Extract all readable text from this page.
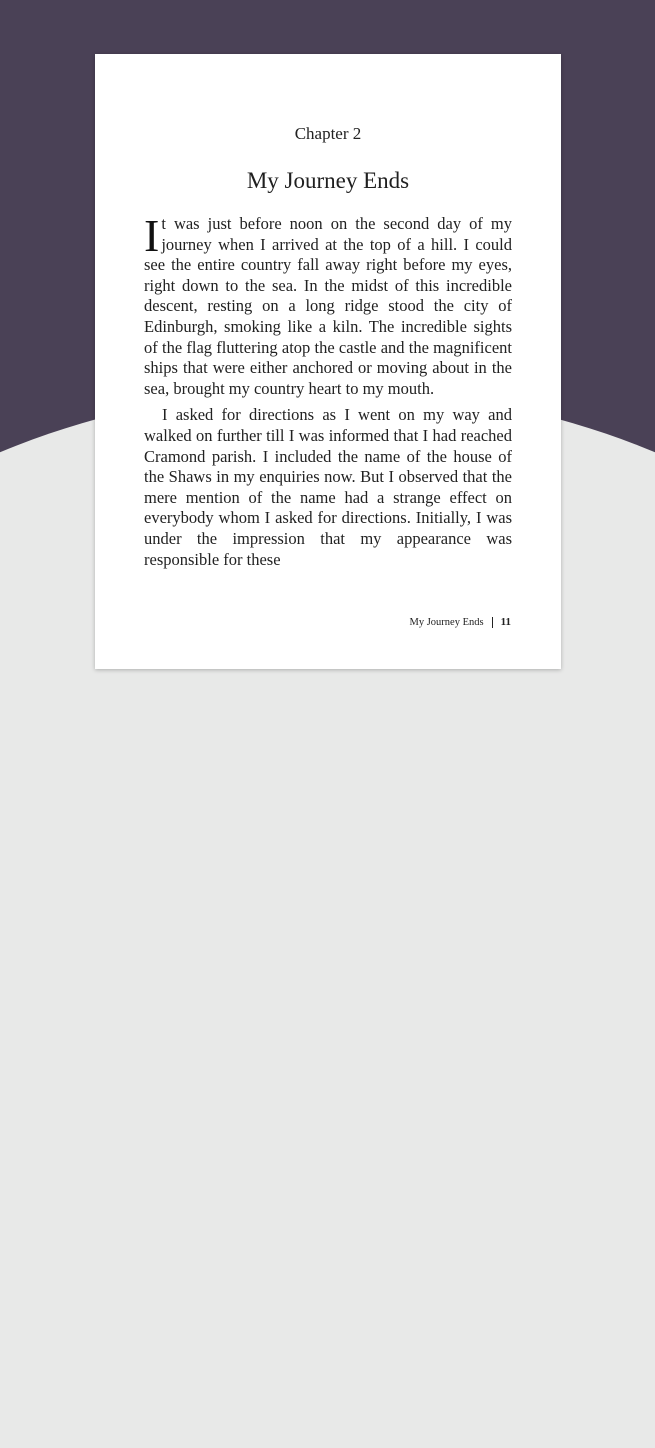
Chapter 2
My Journey Ends

It was just before noon on the second day of my journey when I arrived at the top of a hill. I could see the entire country fall away right before my eyes, right down to the sea. In the midst of this incredible descent, resting on a long ridge stood the city of Edinburgh, smoking like a kiln. The incredible sights of the flag fluttering atop the castle and the magnificent ships that were either anchored or moving about in the sea, brought my country heart to my mouth.

I asked for directions as I went on my way and walked on further till I was informed that I had reached Cramond parish. I included the name of the house of the Shaws in my enquiries now. But I observed that the mere mention of the name had a strange effect on everybody whom I asked for directions. Initially, I was under the impression that my appearance was responsible for these

My Journey Ends 11
